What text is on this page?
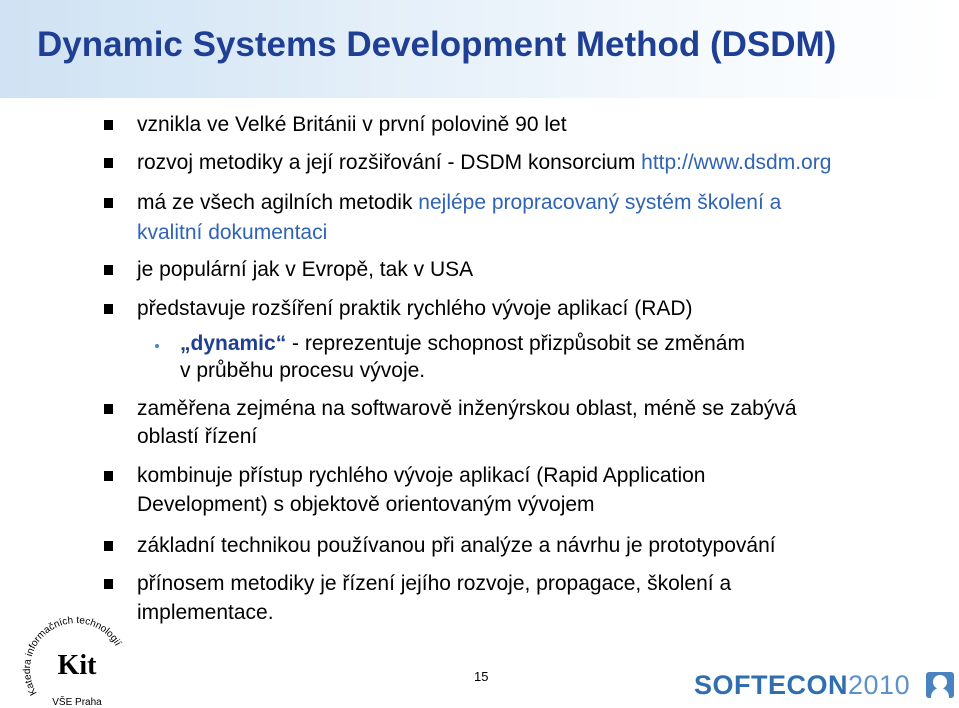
Dynamic Systems Development Method (DSDM)
vznikla ve Velké Británii v první polovině 90 let
rozvoj metodiky a její rozšiřování - DSDM konsorcium http://www.dsdm.org
má ze všech agilních metodik nejlépe propracovaný systém školení a
kvalitní dokumentaci
je populární jak v Evropě, tak v USA
představuje rozšíření praktik rychlého vývoje aplikací (RAD)
„dynamic“ - reprezentuje schopnost přizpůsobit se změnám
v průběhu procesu vývoje.
zaměřena zejména na softwarově inženýrskou oblast, méně se zabývá
oblastí řízení
kombinuje přístup rychlého vývoje aplikací (Rapid Application
Development) s objektově orientovaným vývojem
základní technikou používanou při analýze a návrhu je prototypování
přínosem metodiky je řízení jejího rozvoje, propagace, školení a
implementace.
15
Katedra informačních technologií
Kit
VŠE Praha
SOFTECON2010
